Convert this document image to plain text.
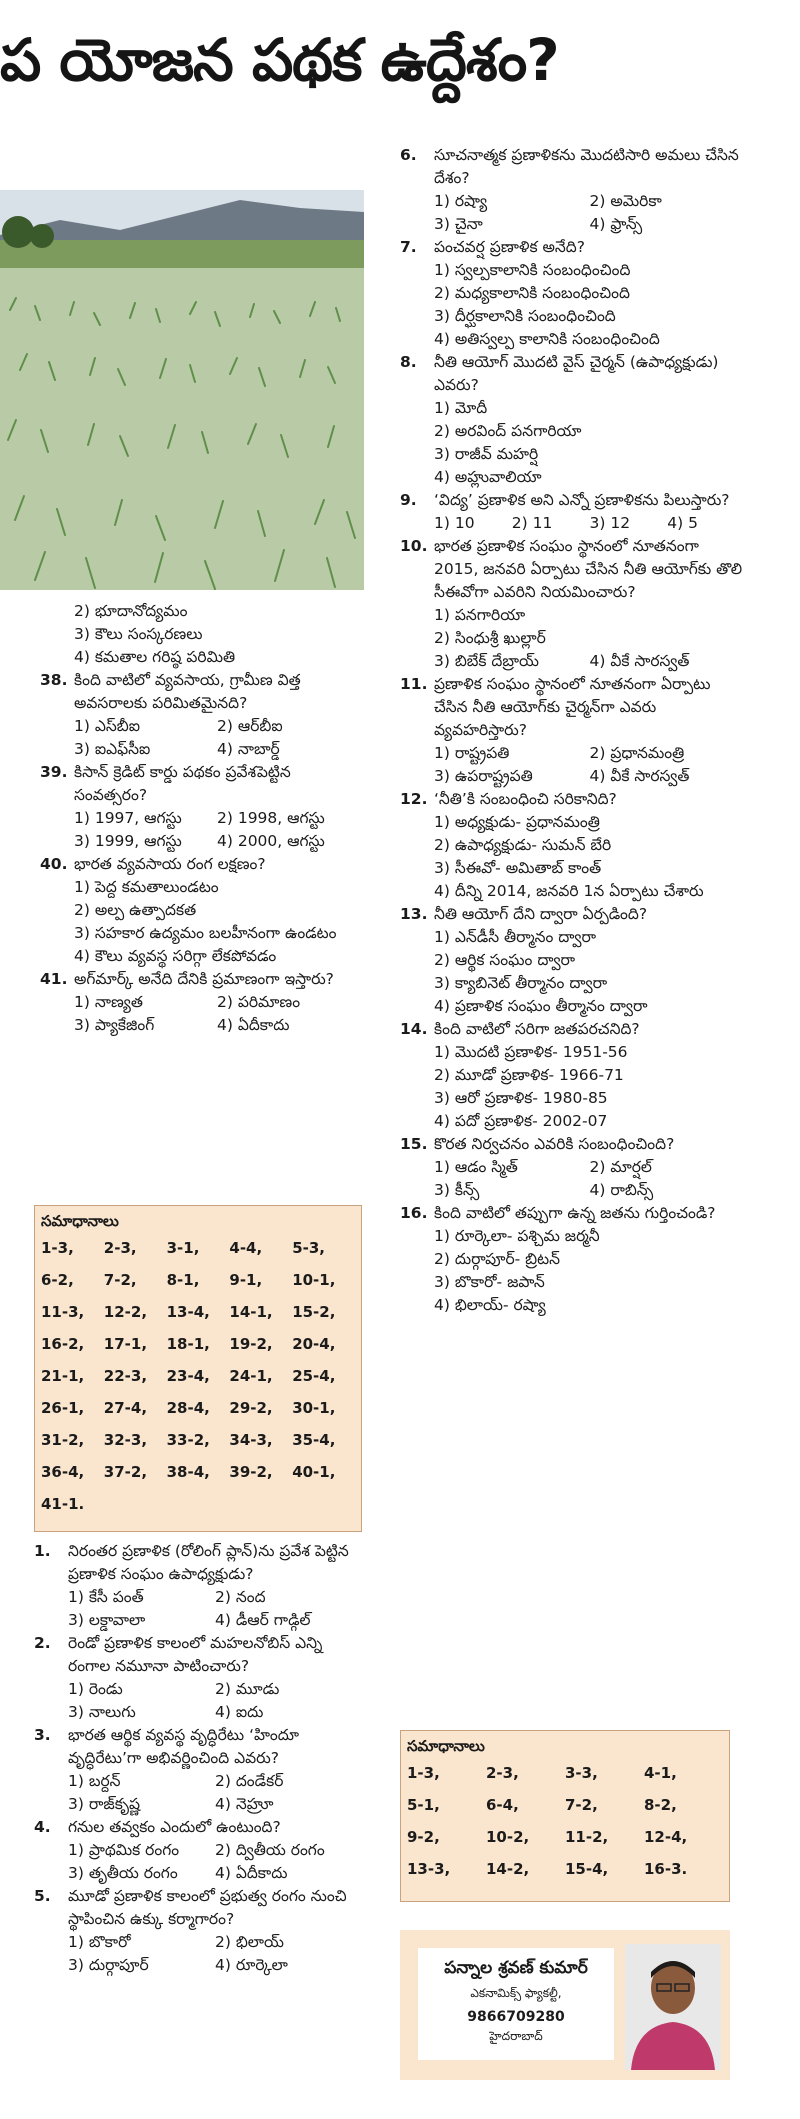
ప యోజన పథక ఉద్దేశం?
2) భూదానోద్యమం
3) కౌలు సంస్కరణలు
4) కమతాల గరిష్ఠ పరిమితి
38. కింది వాటిలో వ్యవసాయ, గ్రామీణ విత్త అవసరాలకు పరిమితమైనది?
1) ఎస్‌బీఐ	2) ఆర్‌బీఐ
3) ఐఎఫ్‌సీఐ	4) నాబార్డ్
39. కిసాన్ క్రెడిట్ కార్డు పథకం ప్రవేశపెట్టిన సంవత్సరం?
1) 1997, ఆగస్టు	2) 1998, ఆగస్టు
3) 1999, ఆగస్టు	4) 2000, ఆగస్టు
40. భారత వ్యవసాయ రంగ లక్షణం?
1) పెద్ద కమతాలుండటం
2) అల్ప ఉత్పాదకత
3) సహకార ఉద్యమం బలహీనంగా ఉండటం
4) కౌలు వ్యవస్థ సరిగ్గా లేకపోవడం
41. అగ్‌మార్క్ అనేది దేనికి ప్రమాణంగా ఇస్తారు?
1) నాణ్యత	2) పరిమాణం
3) ప్యాకేజింగ్	4) ఏదీకాదు
సమాధానాలు
1-3,	2-3,	3-1,	4-4,	5-3,
6-2,	7-2,	8-1,	9-1,	10-1,
11-3,	12-2,	13-4,	14-1,	15-2,
16-2,	17-1,	18-1,	19-2,	20-4,
21-1,	22-3,	23-4,	24-1,	25-4,
26-1,	27-4,	28-4,	29-2,	30-1,
31-2,	32-3,	33-2,	34-3,	35-4,
36-4,	37-2,	38-4,	39-2,	40-1,
41-1.
1.	నిరంతర ప్రణాళిక (రోలింగ్ ప్లాన్)ను ప్రవేశ పెట్టిన ప్రణాళిక సంఘం ఉపాధ్యక్షుడు?
1) కేసీ పంత్	2) నంద
3) లక్డావాలా	4) డీఆర్ గాడ్గిల్
2.	రెండో ప్రణాళిక కాలంలో మహలనోబిస్ ఎన్ని రంగాల నమూనా పాటించారు?
1) రెండు	2) మూడు
3) నాలుగు	4) ఐదు
3.	భారత ఆర్థిక వ్యవస్థ వృద్ధిరేటు ‘హిందూ వృద్ధిరేటు’గా అభివర్ణించింది ఎవరు?
1) బర్దన్	2) దండేకర్
3) రాజ్‌కృష్ణ	4) నెహ్రూ
4.	గనుల తవ్వకం ఎందులో ఉంటుంది?
1) ప్రాథమిక రంగం	2) ద్వితీయ రంగం
3) తృతీయ రంగం	4) ఏదీకాదు
5.	మూడో ప్రణాళిక కాలంలో ప్రభుత్వ రంగం నుంచి స్థాపించిన ఉక్కు కర్మాగారం?
1) బొకారో	2) భిలాయ్
3) దుర్గాపూర్	4) రూర్కెలా
6.	సూచనాత్మక ప్రణాళికను మొదటిసారి అమలు చేసిన దేశం?
1) రష్యా	2) అమెరికా
3) చైనా	4) ఫ్రాన్స్
7.	పంచవర్ష ప్రణాళిక అనేది?
1) స్వల్పకాలానికి సంబంధించింది
2) మధ్యకాలానికి సంబంధించింది
3) దీర్ఘకాలానికి సంబంధించింది
4) అతిస్వల్ప కాలానికి సంబంధించింది
8.	నీతి ఆయోగ్ మొదటి వైస్ చైర్మన్ (ఉపాధ్యక్షుడు) ఎవరు?
1) మోదీ
2) అరవింద్ పనగారియా
3) రాజీవ్ మహర్షి
4) అహ్లువాలియా
9.	‘విద్య’ ప్రణాళిక అని ఎన్నో ప్రణాళికను పిలుస్తారు?
1) 10	2) 11	3) 12	4) 5
10. భారత ప్రణాళిక సంఘం స్థానంలో నూతనంగా 2015, జనవరి ఏర్పాటు చేసిన నీతి ఆయోగ్‌కు తొలి సీఈవోగా ఎవరిని నియమించారు?
1) పనగారియా
2) సింధుశ్రీ ఖుల్లార్
3) బిబేక్ దేబ్రాయ్	4) వీకే సారస్వత్
11. ప్రణాళిక సంఘం స్థానంలో నూతనంగా ఏర్పాటు చేసిన నీతి ఆయోగ్‌కు చైర్మన్‌గా ఎవరు వ్యవహరిస్తారు?
1) రాష్ట్రపతి	2) ప్రధానమంత్రి
3) ఉపరాష్ట్రపతి	4) వీకే సారస్వత్
12. ‘నీతి’కి సంబంధించి సరికానిది?
1) అధ్యక్షుడు- ప్రధానమంత్రి
2) ఉపాధ్యక్షుడు- సుమన్ బేరి
3) సీఈవో- అమితాబ్ కాంత్
4) దీన్ని 2014, జనవరి 1న ఏర్పాటు చేశారు
13. నీతి ఆయోగ్ దేని ద్వారా ఏర్పడింది?
1) ఎన్‌డీసీ తీర్మానం ద్వారా
2) ఆర్థిక సంఘం ద్వారా
3) క్యాబినెట్ తీర్మానం ద్వారా
4) ప్రణాళిక సంఘం తీర్మానం ద్వారా
14. కింది వాటిలో సరిగా జతపరచనిది?
1) మొదటి ప్రణాళిక- 1951-56
2) మూడో ప్రణాళిక- 1966-71
3) ఆరో ప్రణాళిక- 1980-85
4) పదో ప్రణాళిక- 2002-07
15. కొరత నిర్వచనం ఎవరికి సంబంధించింది?
1) ఆడం స్మిత్	2) మార్షల్
3) కీన్స్	4) రాబిన్స్
16. కింది వాటిలో తప్పుగా ఉన్న జతను గుర్తించండి?
1) రూర్కెలా- పశ్చిమ జర్మనీ
2) దుర్గాపూర్- బ్రిటన్
3) బొకారో- జపాన్
4) భిలాయ్- రష్యా
సమాధానాలు
1-3,	2-3,	3-3,	4-1,
5-1,	6-4,	7-2,	8-2,
9-2,	10-2,	11-2,	12-4,
13-3,	14-2,	15-4,	16-3.
పన్నాల శ్రవణ్ కుమార్
ఎకనామిక్స్ ఫ్యాకల్టీ,
9866709280
హైదరాబాద్
